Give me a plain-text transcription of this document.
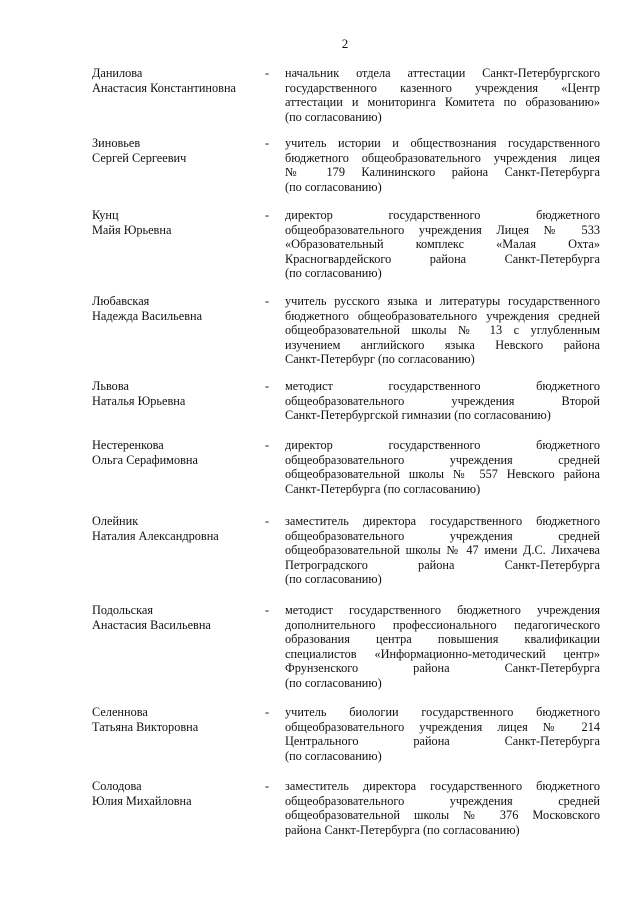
2
Данилова
Анастасия Константиновна
- начальник отдела аттестации Санкт-Петербургского
государственного казенного учреждения «Центр
аттестации и мониторинга Комитета по образованию»
(по согласованию)
Зиновьев
Сергей Сергеевич
- учитель истории и обществознания государственного
бюджетного общеобразовательного учреждения лицея
№ 179 Калининского района Санкт-Петербурга
(по согласованию)
Кунц
Майя Юрьевна
- директор государственного бюджетного
общеобразовательного учреждения Лицея № 533
«Образовательный комплекс «Малая Охта»
Красногвардейского района Санкт-Петербурга
(по согласованию)
Любавская
Надежда Васильевна
- учитель русского языка и литературы государственного
бюджетного общеобразовательного учреждения средней
общеобразовательной школы № 13 с углубленным
изучением английского языка Невского района
Санкт-Петербург (по согласованию)
Львова
Наталья Юрьевна
- методист государственного бюджетного
общеобразовательного учреждения Второй
Санкт-Петербургской гимназии (по согласованию)
Нестеренкова
Ольга Серафимовна
- директор государственного бюджетного
общеобразовательного учреждения средней
общеобразовательной школы № 557 Невского района
Санкт-Петербурга (по согласованию)
Олейник
Наталия Александровна
- заместитель директора государственного бюджетного
общеобразовательного учреждения средней
общеобразовательной школы № 47 имени Д.С. Лихачева
Петроградского района Санкт-Петербурга
(по согласованию)
Подольская
Анастасия Васильевна
- методист государственного бюджетного учреждения
дополнительного профессионального педагогического
образования центра повышения квалификации
специалистов «Информационно-методический центр»
Фрунзенского района Санкт-Петербурга
(по согласованию)
Селеннова
Татьяна Викторовна
- учитель биологии государственного бюджетного
общеобразовательного учреждения лицея № 214
Центрального района Санкт-Петербурга
(по согласованию)
Солодова
Юлия Михайловна
- заместитель директора государственного бюджетного
общеобразовательного учреждения средней
общеобразовательной школы № 376 Московского
района Санкт-Петербурга (по согласованию)
